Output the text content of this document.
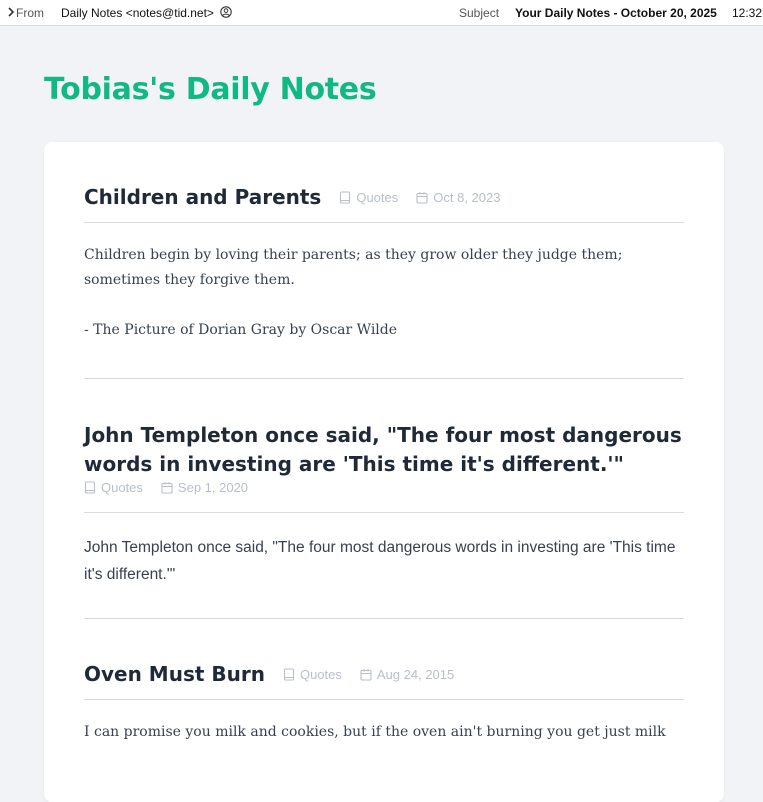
From Daily Notes <notes@tid.net>	Subject Your Daily Notes - October 20, 2025 12:32
Tobias's Daily Notes
Children and Parents	Quotes	Oct 8, 2023

Children begin by loving their parents; as they grow older they judge them; sometimes they forgive them.

- The Picture of Dorian Gray by Oscar Wilde

John Templeton once said, "The four most dangerous words in investing are 'This time it's different.'"
Quotes	Sep 1, 2020

John Templeton once said, "The four most dangerous words in investing are 'This time it's different.'"

Oven Must Burn	Quotes	Aug 24, 2015

I can promise you milk and cookies, but if the oven ain't burning you get just milk
